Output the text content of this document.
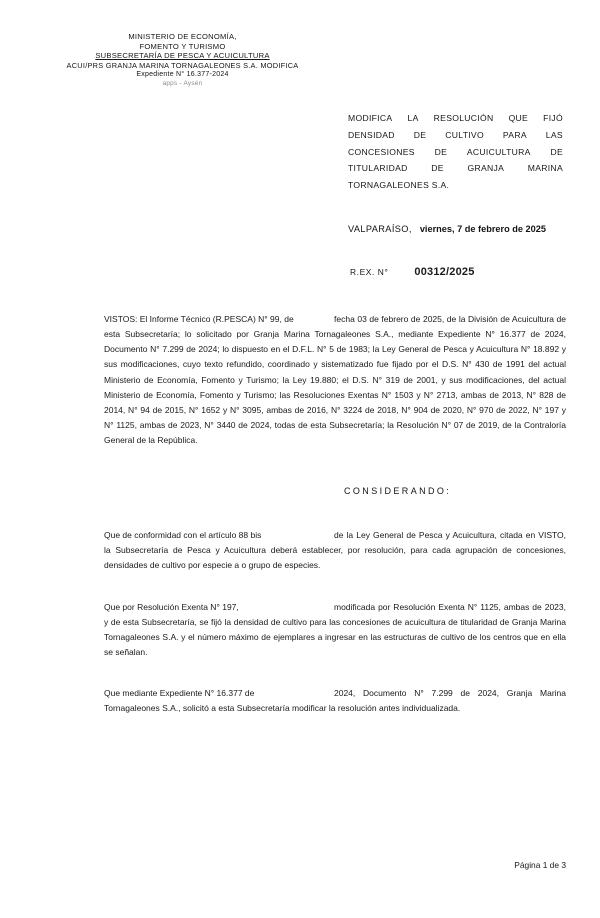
MINISTERIO DE ECONOMÍA,
FOMENTO Y TURISMO
SUBSECRETARÍA DE PESCA Y ACUICULTURA
ACUI/PRS GRANJA MARINA TORNAGALEONES S.A. MODIFICA
Expediente N° 16.377-2024
apps - Aysén
MODIFICA LA RESOLUCIÓN QUE FIJÓ
DENSIDAD DE CULTIVO PARA LAS
CONCESIONES DE ACUICULTURA DE
TITULARIDAD	DE	GRANJA	MARINA
TORNAGALEONES S.A.
VALPARAÍSO, viernes, 7 de febrero de 2025
R.EX. N° 00312/2025

VISTOS: El Informe Técnico (R.PESCA) N° 99, de	fecha 03 de febrero de 2025, de la División de Acuicultura de esta Subsecretaría; lo solicitado por Granja Marina Tornagaleones S.A., mediante Expediente N° 16.377 de 2024, Documento N° 7.299 de 2024; lo dispuesto en el D.F.L. N° 5 de 1983; la Ley General de Pesca y Acuicultura N° 18.892 y sus modificaciones, cuyo texto refundido, coordinado y sistematizado fue fijado por el D.S. N° 430 de 1991 del actual Ministerio de Economía, Fomento y Turismo; la Ley 19.880; el D.S. N° 319 de 2001, y sus modificaciones, del actual Ministerio de Economía, Fomento y Turismo; las Resoluciones Exentas N° 1503 y N° 2713, ambas de 2013, N° 828 de 2014, N° 94 de 2015, N° 1652 y N° 3095, ambas de 2016, N° 3224 de 2018, N° 904 de 2020, N° 970 de 2022, N° 197 y N° 1125, ambas de 2023, N° 3440 de 2024, todas de esta Subsecretaría; la Resolución N° 07 de 2019, de la Contraloría General de la República.

CONSIDERANDO:

Que de conformidad con el artículo 88 bis	de la Ley General de Pesca y Acuicultura, citada en VISTO, la Subsecretaría de Pesca y Acuicultura deberá establecer, por resolución, para cada agrupación de concesiones, densidades de cultivo por especie a o grupo de especies.

Que por Resolución Exenta N° 197,	modificada por Resolución Exenta N° 1125, ambas de 2023, y de esta Subsecretaría, se fijó la densidad de cultivo para las concesiones de acuicultura de titularidad de Granja Marina Tornagaleones S.A. y el número máximo de ejemplares a ingresar en las estructuras de cultivo de los centros que en ella se señalan.

Que mediante Expediente N° 16.377 de	2024, Documento N° 7.299 de 2024, Granja Marina Tornagaleones S.A., solicitó a esta Subsecretaría modificar la resolución antes individualizada.

Página 1 de 3
